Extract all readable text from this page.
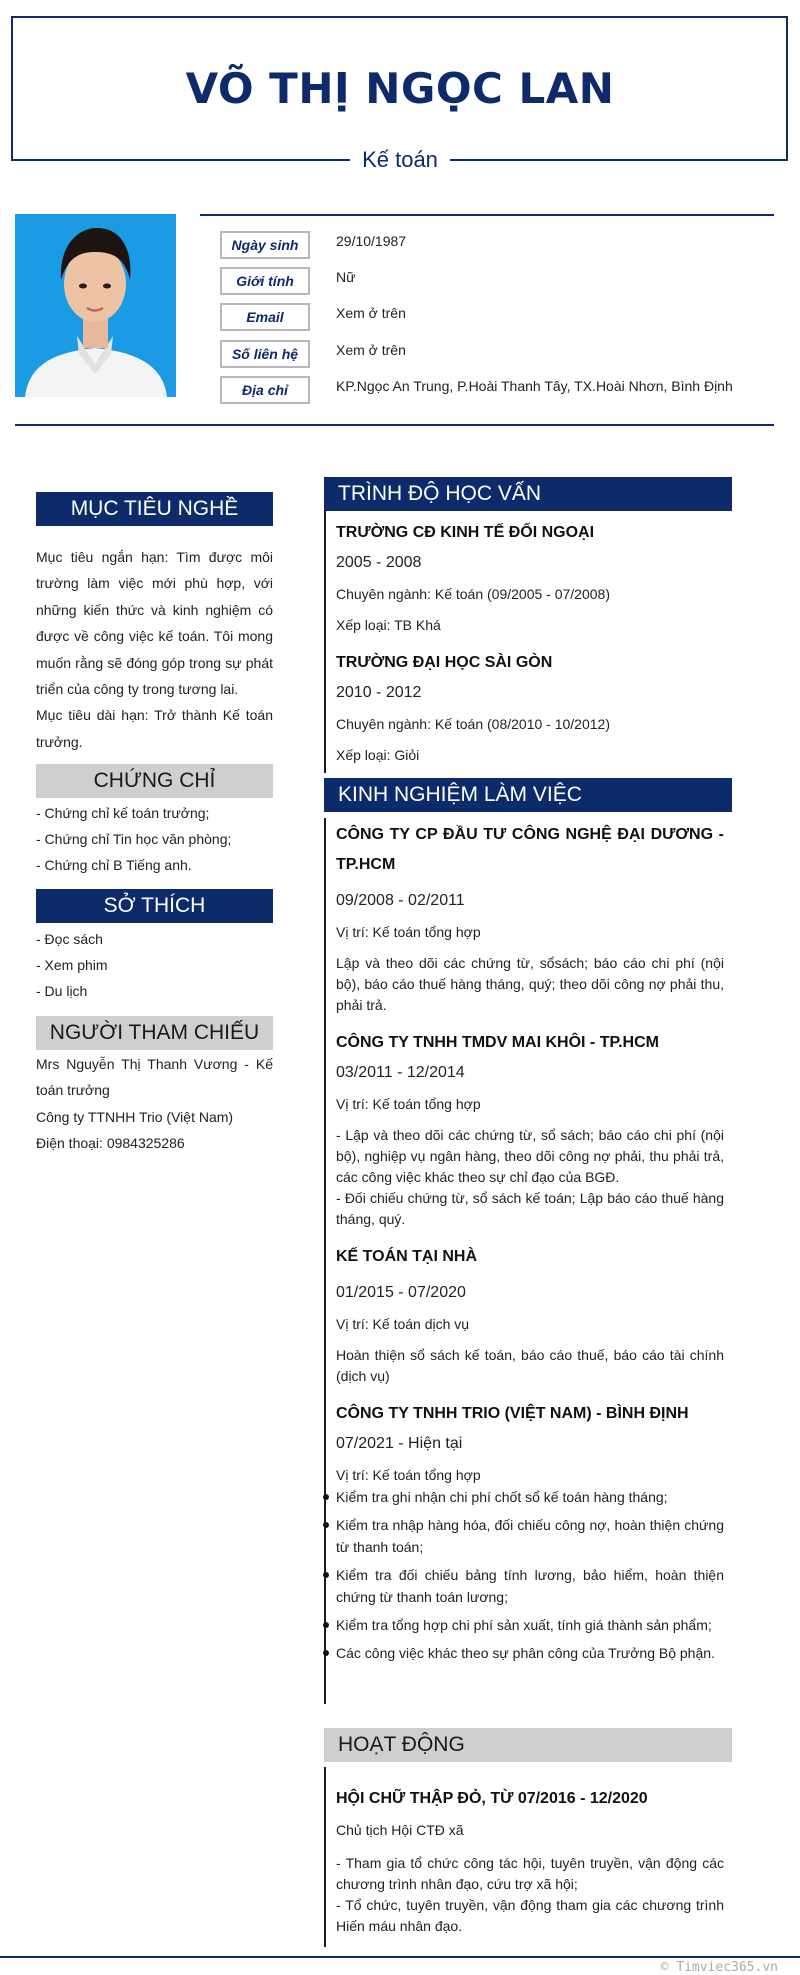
VÕ THỊ NGỌC LAN
Kế toán
Ngày sinh	29/10/1987
Giới tính	Nữ
Email	Xem ở trên
Số liên hệ	Xem ở trên
Địa chỉ	KP.Ngọc An Trung, P.Hoài Thanh Tây, TX.Hoài Nhơn, Bình Định
MỤC TIÊU NGHỀ NGHIỆP

Mục tiêu ngắn hạn: Tìm được môi trường làm việc mới phù hợp, với những kiến thức và kinh nghiệm có được về công việc kế toán. Tôi mong muốn rằng sẽ đóng góp trong sự phát triển của công ty trong tương lai.

Mục tiêu dài hạn: Trở thành Kế toán trưởng.

CHỨNG CHỈ
- Chứng chỉ kế toán trưởng;
- Chứng chỉ Tin học văn phòng;
- Chứng chỉ B Tiếng anh.
SỞ THÍCH
- Đọc sách
- Xem phim
- Du lịch
NGƯỜI THAM CHIẾU

Mrs Nguyễn Thị Thanh Vương - Kế toán trưởng

Công ty TTNHH Trio (Việt Nam)

Điện thoại: 0984325286

TRÌNH ĐỘ HỌC VẤN
TRƯỜNG CĐ KINH TẾ ĐỐI NGOẠI
2005 - 2008
Chuyên ngành: Kế toán (09/2005 - 07/2008)
Xếp loại: TB Khá
TRƯỜNG ĐẠI HỌC SÀI GÒN
2010 - 2012
Chuyên ngành: Kế toán (08/2010 - 10/2012)
Xếp loại: Giỏi
KINH NGHIỆM LÀM VIỆC
CÔNG TY CP ĐẦU TƯ CÔNG NGHỆ ĐẠI DƯƠNG - TP.HCM
09/2008 - 02/2011
Vị trí: Kế toán tổng hợp
Lập và theo dõi các chứng từ, sổsách; báo cáo chi phí (nội bộ), báo cáo thuế hàng tháng, quý; theo dõi công nợ phải thu, phải trả.
CÔNG TY TNHH TMDV MAI KHÔI - TP.HCM
03/2011 - 12/2014
Vị trí: Kế toán tổng hợp
- Lập và theo dõi các chứng từ, sổ sách; báo cáo chi phí (nội bộ), nghiệp vụ ngân hàng, theo dõi công nợ phải, thu phải trả, các công việc khác theo sự chỉ đạo của BGĐ.
- Đối chiếu chứng từ, sổ sách kế toán; Lập báo cáo thuế hàng tháng, quý.
KẾ TOÁN TẠI NHÀ
01/2015 - 07/2020
Vị trí: Kế toán dịch vụ
Hoàn thiện sổ sách kế toán, báo cáo thuế, báo cáo tài chính (dịch vụ)
CÔNG TY TNHH TRIO (VIỆT NAM) - BÌNH ĐỊNH
07/2021 - Hiện tại
Vị trí: Kế toán tổng hợp
Kiểm tra ghi nhận chi phí chốt sổ kế toán hàng tháng;
Kiểm tra nhập hàng hóa, đối chiếu công nợ, hoàn thiện chứng từ thanh toán;
Kiểm tra đối chiếu bảng tính lương, bảo hiểm, hoàn thiện chứng từ thanh toán lương;
Kiểm tra tổng hợp chi phí sản xuất, tính giá thành sản phẩm;
Các công việc khác theo sự phân công của Trưởng Bộ phận.
HOẠT ĐỘNG
HỘI CHỮ THẬP ĐỎ, TỪ 07/2016 - 12/2020
Chủ tịch Hội CTĐ xã
- Tham gia tổ chức công tác hội, tuyên truyền, vận động các chương trình nhân đạo, cứu trợ xã hội;
- Tổ chức, tuyên truyền, vận động tham gia các chương trình Hiến máu nhân đạo.
© Timviec365.vn
